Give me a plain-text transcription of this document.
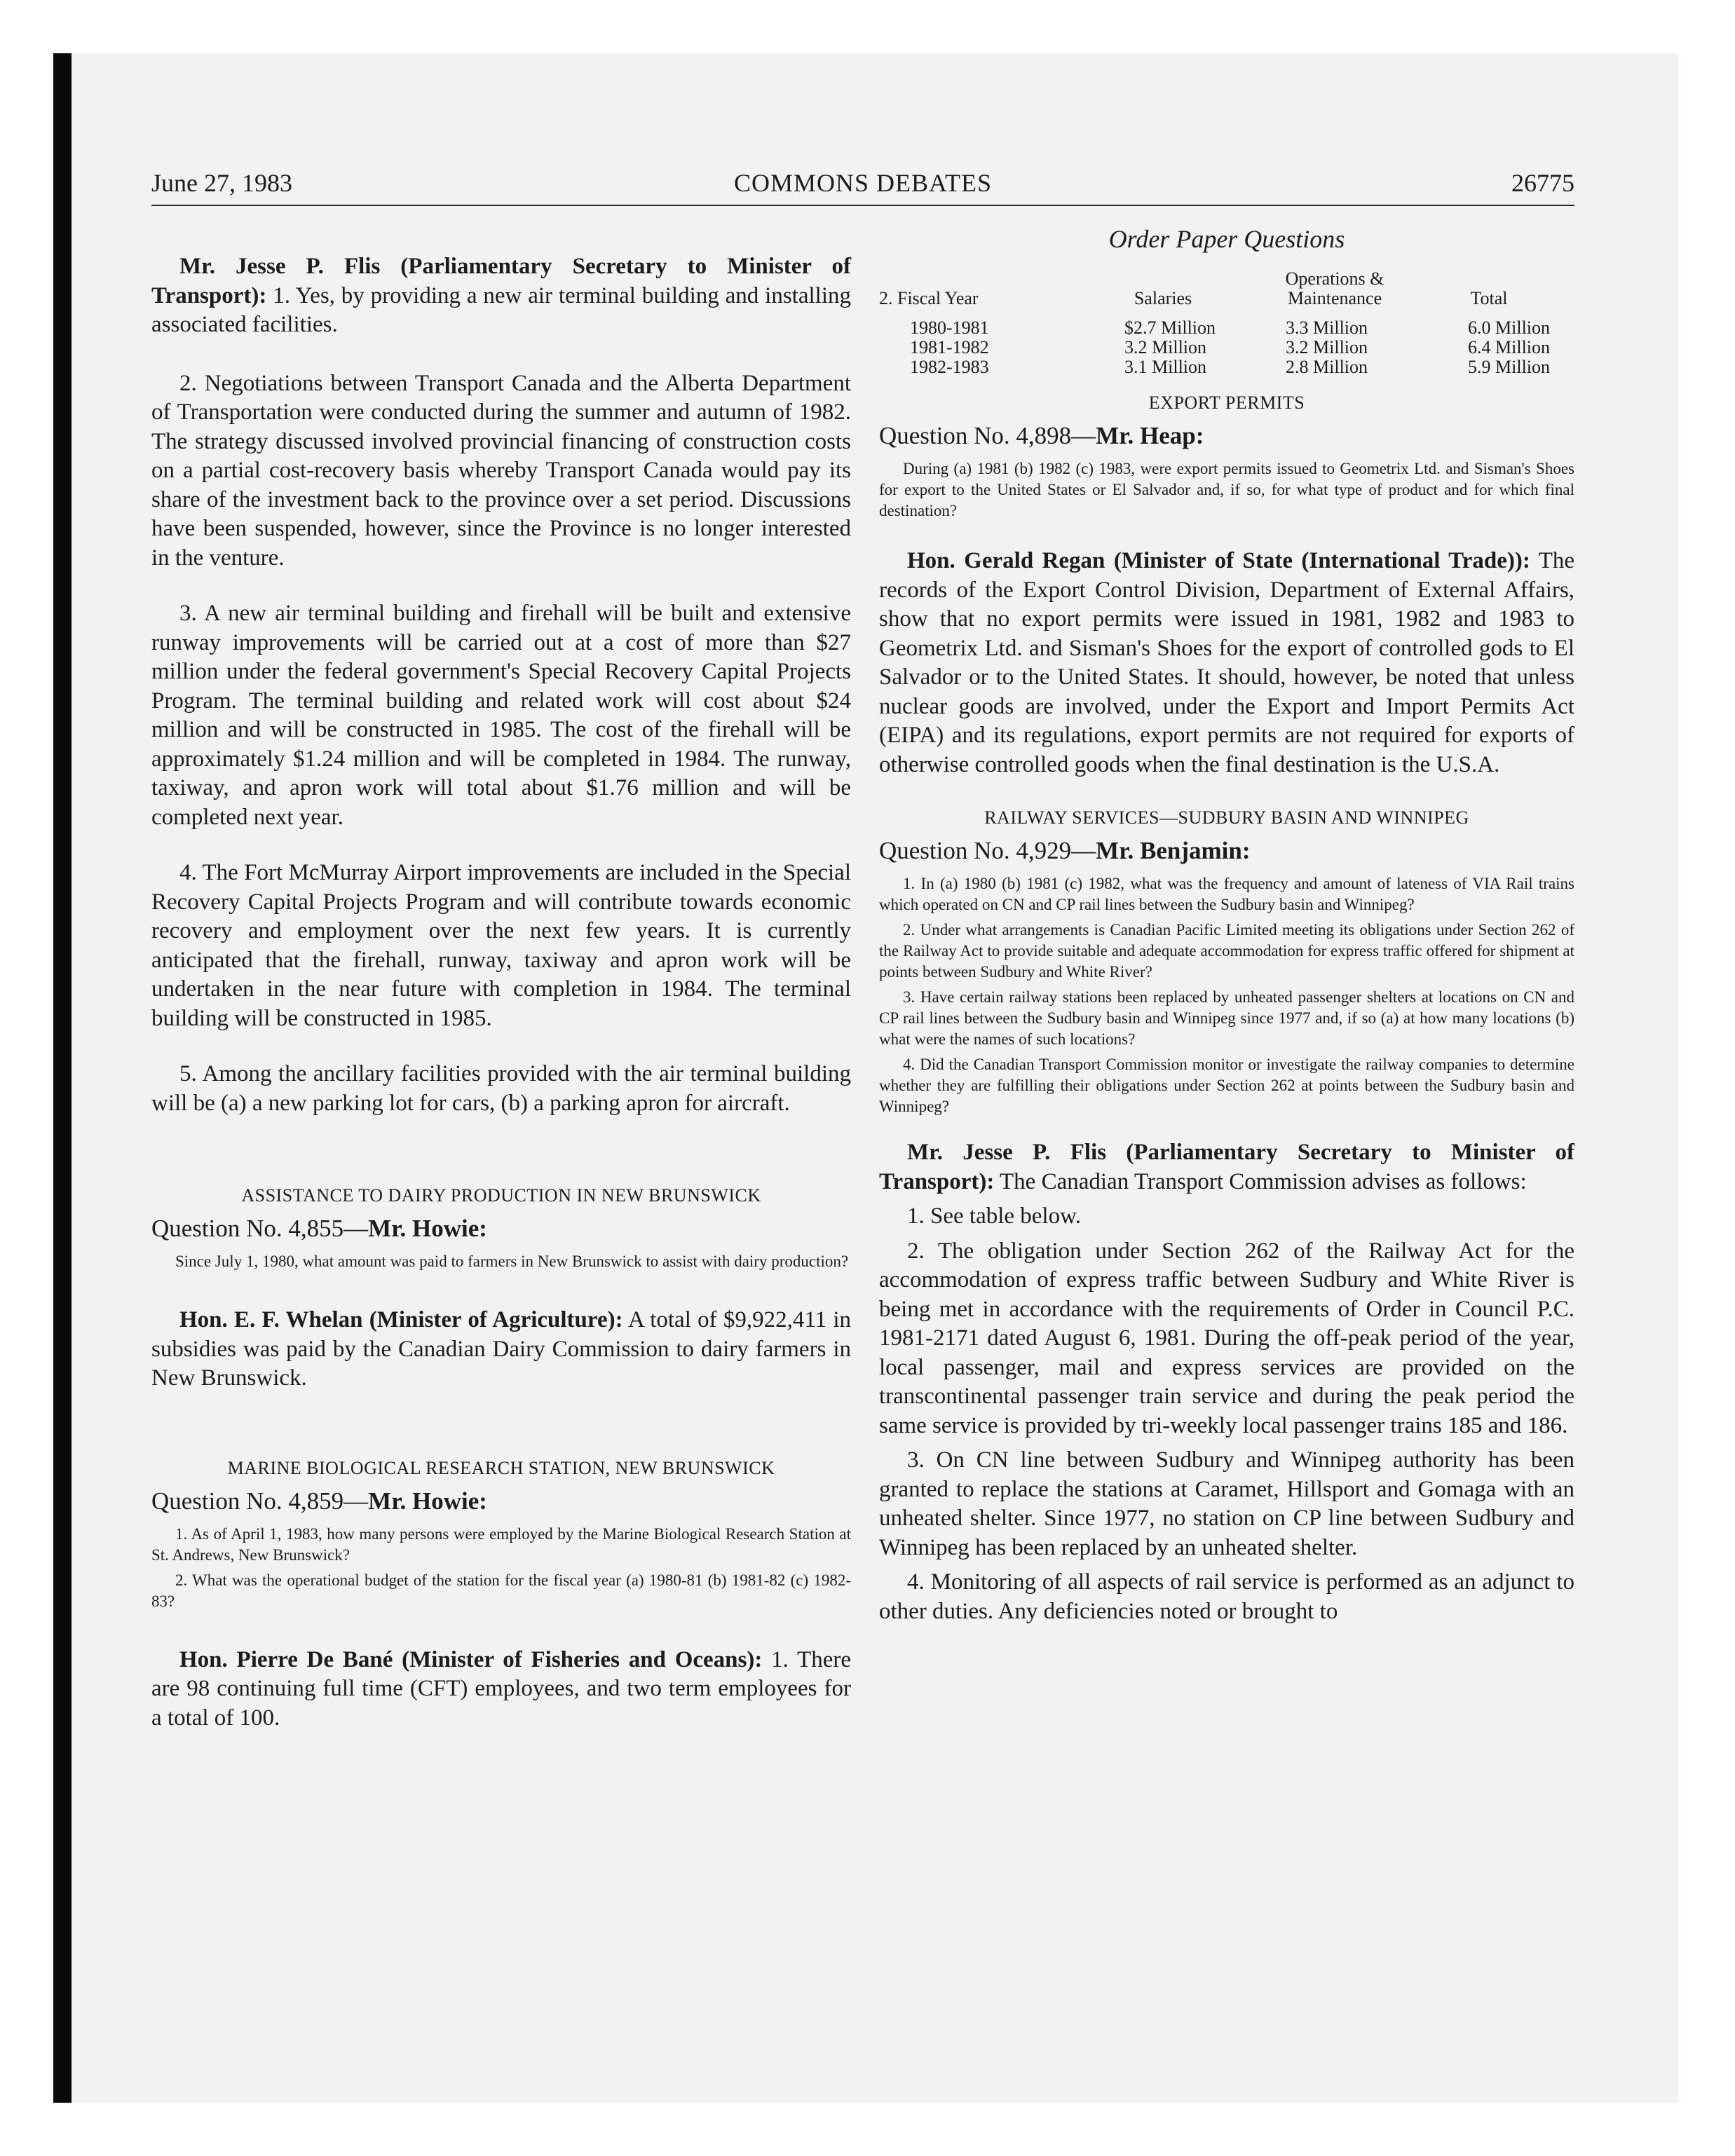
June 27, 1983	COMMONS DEBATES	26775

Mr. Jesse P. Flis (Parliamentary Secretary to Minister of Transport): 1. Yes, by providing a new air terminal building and installing associated facilities.

2. Negotiations between Transport Canada and the Alberta Department of Transportation were conducted during the summer and autumn of 1982. The strategy discussed involved provincial financing of construction costs on a partial cost-recovery basis whereby Transport Canada would pay its share of the investment back to the province over a set period. Discussions have been suspended, however, since the Province is no longer interested in the venture.

3. A new air terminal building and firehall will be built and extensive runway improvements will be carried out at a cost of more than $27 million under the federal government's Special Recovery Capital Projects Program. The terminal building and related work will cost about $24 million and will be constructed in 1985. The cost of the firehall will be approximately $1.24 million and will be completed in 1984. The runway, taxiway, and apron work will total about $1.76 million and will be completed next year.

4. The Fort McMurray Airport improvements are included in the Special Recovery Capital Projects Program and will contribute towards economic recovery and employment over the next few years. It is currently anticipated that the firehall, runway, taxiway and apron work will be undertaken in the near future with completion in 1984. The terminal building will be constructed in 1985.

5. Among the ancillary facilities provided with the air terminal building will be (a) a new parking lot for cars, (b) a parking apron for aircraft.

ASSISTANCE TO DAIRY PRODUCTION IN NEW BRUNSWICK

Question No. 4,855—Mr. Howie:

Since July 1, 1980, what amount was paid to farmers in New Brunswick to assist with dairy production?

Hon. E. F. Whelan (Minister of Agriculture): A total of $9,922,411 in subsidies was paid by the Canadian Dairy Commission to dairy farmers in New Brunswick.

MARINE BIOLOGICAL RESEARCH STATION, NEW BRUNSWICK

Question No. 4,859—Mr. Howie:

1. As of April 1, 1983, how many persons were employed by the Marine Biological Research Station at St. Andrews, New Brunswick?

2. What was the operational budget of the station for the fiscal year (a) 1980-81 (b) 1981-82 (c) 1982-83?

Hon. Pierre De Bané (Minister of Fisheries and Oceans): 1. There are 98 continuing full time (CFT) employees, and two term employees for a total of 100.

Order Paper Questions

2. Fiscal Year	Salaries	Operations & Maintenance	Total
1980-1981	$2.7 Million	3.3 Million	6.0 Million
1981-1982	3.2 Million	3.2 Million	6.4 Million
1982-1983	3.1 Million	2.8 Million	5.9 Million

EXPORT PERMITS

Question No. 4,898—Mr. Heap:

During (a) 1981 (b) 1982 (c) 1983, were export permits issued to Geometrix Ltd. and Sisman's Shoes for export to the United States or El Salvador and, if so, for what type of product and for which final destination?

Hon. Gerald Regan (Minister of State (International Trade)): The records of the Export Control Division, Department of External Affairs, show that no export permits were issued in 1981, 1982 and 1983 to Geometrix Ltd. and Sisman's Shoes for the export of controlled gods to El Salvador or to the United States. It should, however, be noted that unless nuclear goods are involved, under the Export and Import Permits Act (EIPA) and its regulations, export permits are not required for exports of otherwise controlled goods when the final destination is the U.S.A.

RAILWAY SERVICES—SUDBURY BASIN AND WINNIPEG

Question No. 4,929—Mr. Benjamin:

1. In (a) 1980 (b) 1981 (c) 1982, what was the frequency and amount of lateness of VIA Rail trains which operated on CN and CP rail lines between the Sudbury basin and Winnipeg?

2. Under what arrangements is Canadian Pacific Limited meeting its obligations under Section 262 of the Railway Act to provide suitable and adequate accommodation for express traffic offered for shipment at points between Sudbury and White River?

3. Have certain railway stations been replaced by unheated passenger shelters at locations on CN and CP rail lines between the Sudbury basin and Winnipeg since 1977 and, if so (a) at how many locations (b) what were the names of such locations?

4. Did the Canadian Transport Commission monitor or investigate the railway companies to determine whether they are fulfilling their obligations under Section 262 at points between the Sudbury basin and Winnipeg?

Mr. Jesse P. Flis (Parliamentary Secretary to Minister of Transport): The Canadian Transport Commission advises as follows:

1. See table below.

2. The obligation under Section 262 of the Railway Act for the accommodation of express traffic between Sudbury and White River is being met in accordance with the requirements of Order in Council P.C. 1981-2171 dated August 6, 1981. During the off-peak period of the year, local passenger, mail and express services are provided on the transcontinental passenger train service and during the peak period the same service is provided by tri-weekly local passenger trains 185 and 186.

3. On CN line between Sudbury and Winnipeg authority has been granted to replace the stations at Caramet, Hillsport and Gomaga with an unheated shelter. Since 1977, no station on CP line between Sudbury and Winnipeg has been replaced by an unheated shelter.

4. Monitoring of all aspects of rail service is performed as an adjunct to other duties. Any deficiencies noted or brought to
